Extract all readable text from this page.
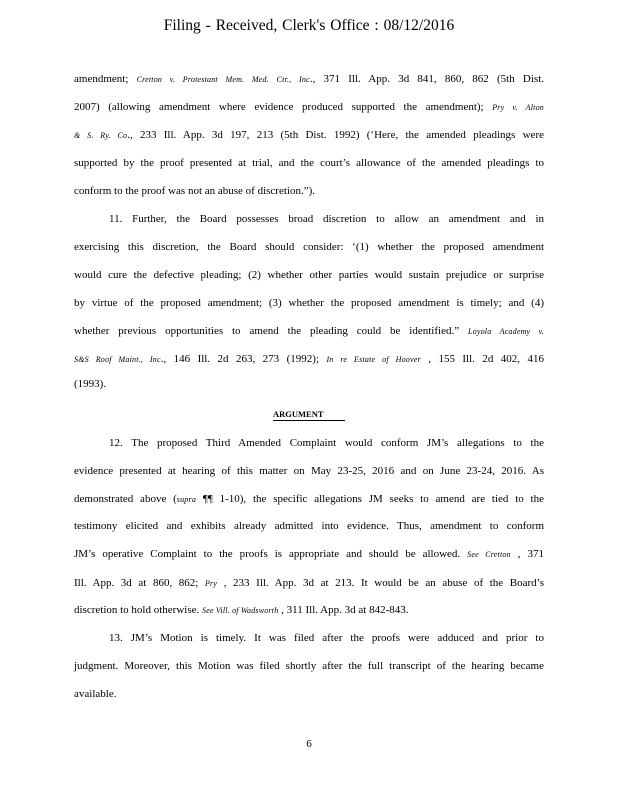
Filing - Received, Clerk's Office : 08/12/2016
amendment; Cretton v. Protestant Mem. Med. Ctr., Inc., 371 Ill. App. 3d 841, 860, 862 (5th Dist.
2007) (allowing amendment where evidence produced supported the amendment); Pry v. Alton
& S. Ry. Co., 233 Ill. App. 3d 197, 213 (5th Dist. 1992) (‘Here, the amended pleadings were
supported by the proof presented at trial, and the court’s allowance of the amended pleadings to
conform to the proof was not an abuse of discretion.”).
11. Further, the Board possesses broad discretion to allow an amendment and in
exercising this discretion, the Board should consider: ‘(1) whether the proposed amendment
would cure the defective pleading; (2) whether other parties would sustain prejudice or surprise
by virtue of the proposed amendment; (3) whether the proposed amendment is timely; and (4)
whether previous opportunities to amend the pleading could be identified.” Loyola Academy v.
S&S Roof Maint., Inc., 146 Ill. 2d 263, 273 (1992); In re Estate of Hoover , 155 Ill. 2d 402, 416
(1993).
ARGUMENT
12. The proposed Third Amended Complaint would conform JM’s allegations to the
evidence presented at hearing of this matter on May 23-25, 2016 and on June 23-24, 2016. As
demonstrated above (supra ¶¶ 1-10), the specific allegations JM seeks to amend are tied to the
testimony elicited and exhibits already admitted into evidence. Thus, amendment to conform
JM’s operative Complaint to the proofs is appropriate and should be allowed. See Cretton , 371
Ill. App. 3d at 860, 862; Pry , 233 Ill. App. 3d at 213. It would be an abuse of the Board’s
discretion to hold otherwise. See Vill. of Wadsworth , 311 Ill. App. 3d at 842-843.
13. JM’s Motion is timely. It was filed after the proofs were adduced and prior to
judgment. Moreover, this Motion was filed shortly after the full transcript of the hearing became
available.
6
